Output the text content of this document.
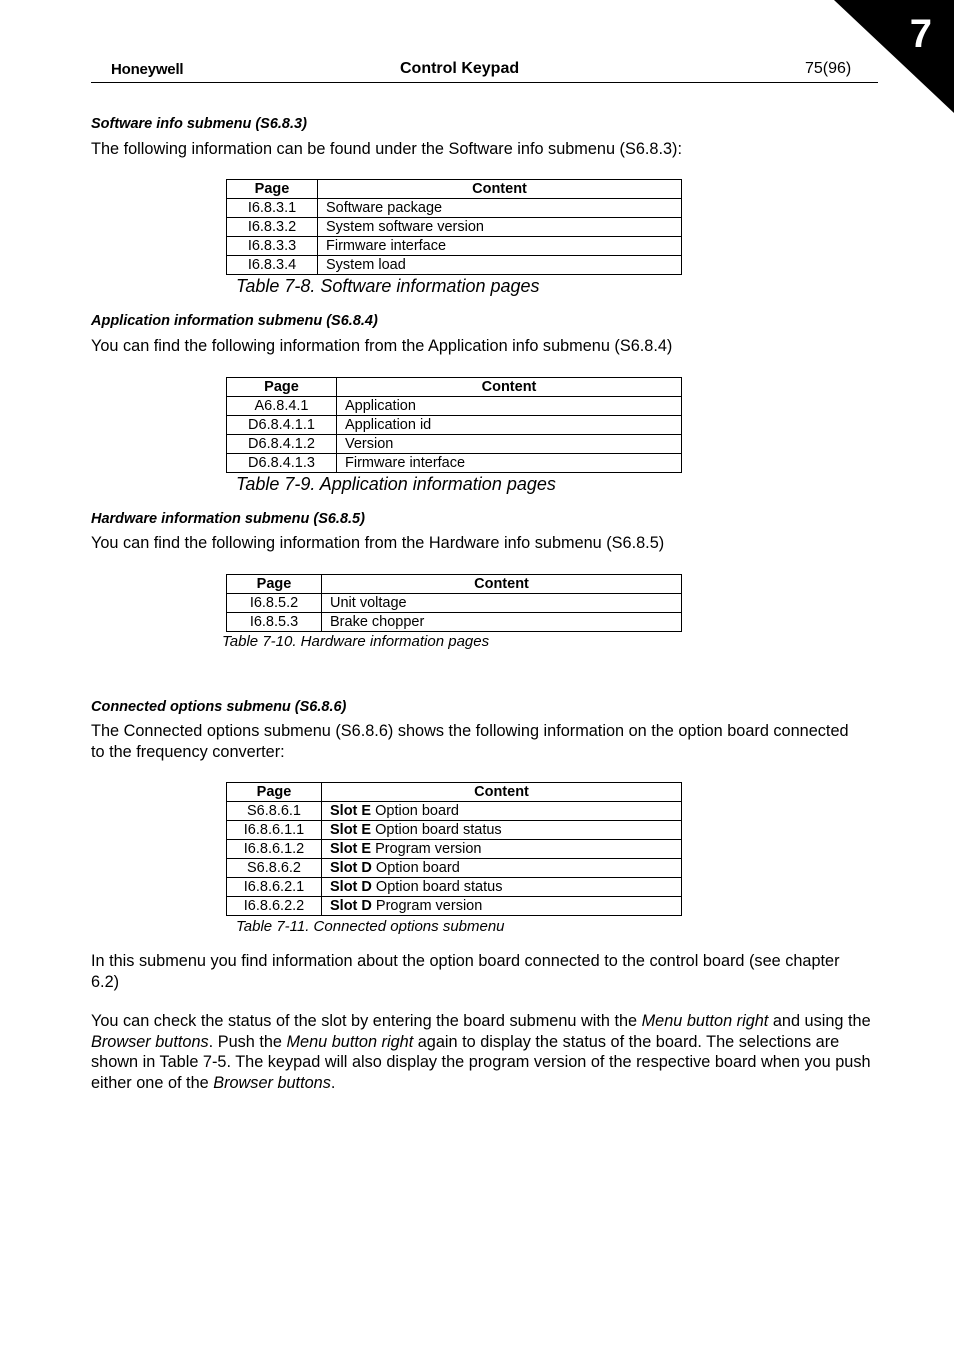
7
Honeywell	Control Keypad	75(96)
Software info submenu (S6.8.3)
The following information can be found under the Software info submenu (S6.8.3):
Page	Content
I6.8.3.1	Software package
I6.8.3.2	System software version
I6.8.3.3	Firmware interface
I6.8.3.4	System load
Table 7-8. Software information pages
Application information submenu (S6.8.4)
You can find the following information from the Application info submenu (S6.8.4)
Page	Content
A6.8.4.1	Application
D6.8.4.1.1	Application id
D6.8.4.1.2	Version
D6.8.4.1.3	Firmware interface
Table 7-9. Application information pages
Hardware information submenu (S6.8.5)
You can find the following information from the Hardware info submenu (S6.8.5)
Page	Content
I6.8.5.2	Unit voltage
I6.8.5.3	Brake chopper
Table 7-10. Hardware information pages
Connected options submenu (S6.8.6)
The Connected options submenu (S6.8.6) shows the following information on the option board connected to the frequency converter:
Page	Content
S6.8.6.1	Slot E Option board
I6.8.6.1.1	Slot E Option board status
I6.8.6.1.2	Slot E Program version
S6.8.6.2	Slot D Option board
I6.8.6.2.1	Slot D Option board status
I6.8.6.2.2	Slot D Program version
Table 7-11. Connected options submenu
In this submenu you find information about the option board connected to the control board (see chapter 6.2)
You can check the status of the slot by entering the board submenu with the Menu button right and using the Browser buttons. Push the Menu button right again to display the status of the board. The selections are shown in Table 7-5. The keypad will also display the program version of the respective board when you push either one of the Browser buttons.
